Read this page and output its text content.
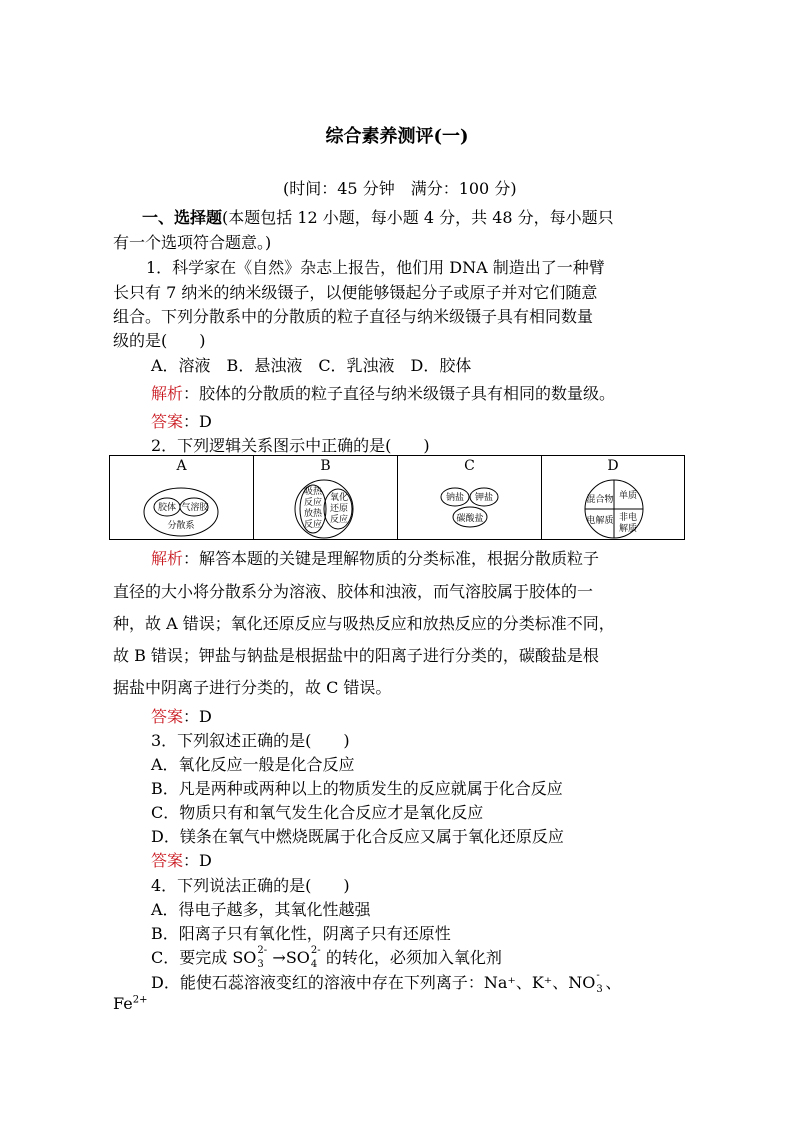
综合素养测评(一)
(时间：45 分钟　满分：100 分)
一、选择题(本题包括 12 小题，每小题 4 分，共 48 分，每小题只
有一个选项符合题意。)
1．科学家在《自然》杂志上报告，他们用 DNA 制造出了一种臂
长只有 7 纳米的纳米级镊子，以便能够镊起分子或原子并对它们随意
组合。下列分散系中的分散质的粒子直径与纳米级镊子具有相同数量
级的是(　　)
A．溶液　B．悬浊液　C．乳浊液　D．胶体
解析：胶体的分散质的粒子直径与纳米级镊子具有相同的数量级。
答案：D
2．下列逻辑关系图示中正确的是(　　)
A
胶体 气溶胶
分散系
B
吸热
反应
放热
反应
氧化
还原
反应
C
钠盐 钾盐
碳酸盐
D
混合物 单质
电解质 非电
解质
解析：解答本题的关键是理解物质的分类标准，根据分散质粒子
直径的大小将分散系分为溶液、胶体和浊液，而气溶胶属于胶体的一
种，故 A 错误；氧化还原反应与吸热反应和放热反应的分类标准不同，
故 B 错误；钾盐与钠盐是根据盐中的阳离子进行分类的，碳酸盐是根
据盐中阴离子进行分类的，故 C 错误。
答案：D
3．下列叙述正确的是(　　)
A．氧化反应一般是化合反应
B．凡是两种或两种以上的物质发生的反应就属于化合反应
C．物质只有和氧气发生化合反应才是氧化反应
D．镁条在氧气中燃烧既属于化合反应又属于氧化还原反应
答案：D
4．下列说法正确的是(　　)
A．得电子越多，其氧化性越强
B．阳离子只有氧化性，阴离子只有还原性
C．要完成 SO 2-
3 →SO 2-
4 的转化，必须加入氧化剂
D．能使石蕊溶液变红的溶液中存在下列离子：Na⁺、K⁺、NO -
3 、
$Fe^{2+}$
